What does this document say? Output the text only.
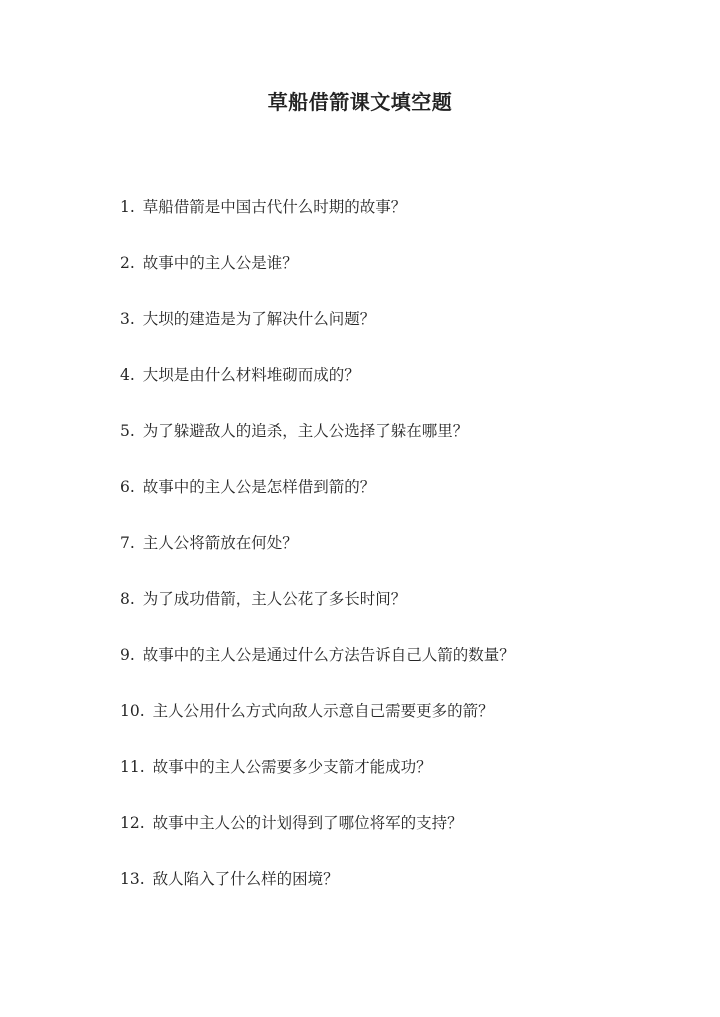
草船借箭课文填空题
1. 草船借箭是中国古代什么时期的故事？
2. 故事中的主人公是谁？
3. 大坝的建造是为了解决什么问题？
4. 大坝是由什么材料堆砌而成的？
5. 为了躲避敌人的追杀，主人公选择了躲在哪里？
6. 故事中的主人公是怎样借到箭的？
7. 主人公将箭放在何处？
8. 为了成功借箭，主人公花了多长时间？
9. 故事中的主人公是通过什么方法告诉自己人箭的数量？
10. 主人公用什么方式向敌人示意自己需要更多的箭？
11. 故事中的主人公需要多少支箭才能成功？
12. 故事中主人公的计划得到了哪位将军的支持？
13. 敌人陷入了什么样的困境？
